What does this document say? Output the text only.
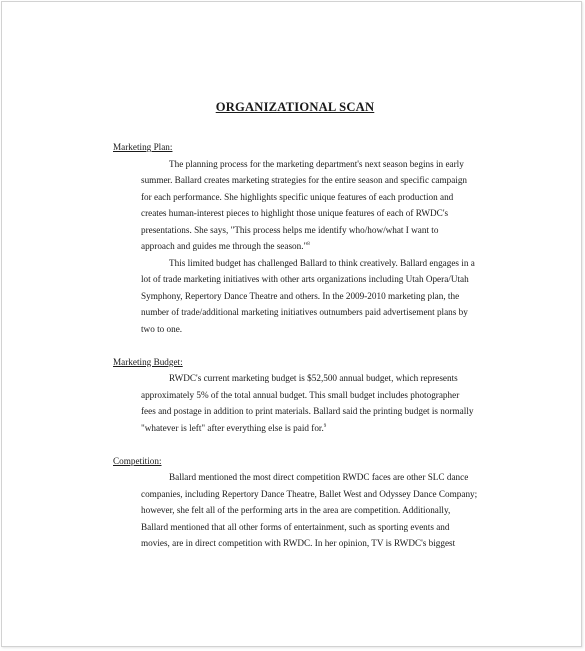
ORGANIZATIONAL SCAN
Marketing Plan:
The planning process for the marketing department's next season begins in early
summer. Ballard creates marketing strategies for the entire season and specific campaign
for each performance. She highlights specific unique features of each production and
creates human-interest pieces to highlight those unique features of each of RWDC's
presentations. She says, "This process helps me identify who/how/what I want to
approach and guides me through the season."$^8$
This limited budget has challenged Ballard to think creatively. Ballard engages in a
lot of trade marketing initiatives with other arts organizations including Utah Opera/Utah
Symphony, Repertory Dance Theatre and others. In the 2009-2010 marketing plan, the
number of trade/additional marketing initiatives outnumbers paid advertisement plans by
two to one.
Marketing Budget:
RWDC's current marketing budget is $52,500 annual budget, which represents
approximately 5% of the total annual budget. This small budget includes photographer
fees and postage in addition to print materials. Ballard said the printing budget is normally
"whatever is left" after everything else is paid for.$^9$
Competition:
Ballard mentioned the most direct competition RWDC faces are other SLC dance
companies, including Repertory Dance Theatre, Ballet West and Odyssey Dance Company;
however, she felt all of the performing arts in the area are competition. Additionally,
Ballard mentioned that all other forms of entertainment, such as sporting events and
movies, are in direct competition with RWDC. In her opinion, TV is RWDC's biggest
